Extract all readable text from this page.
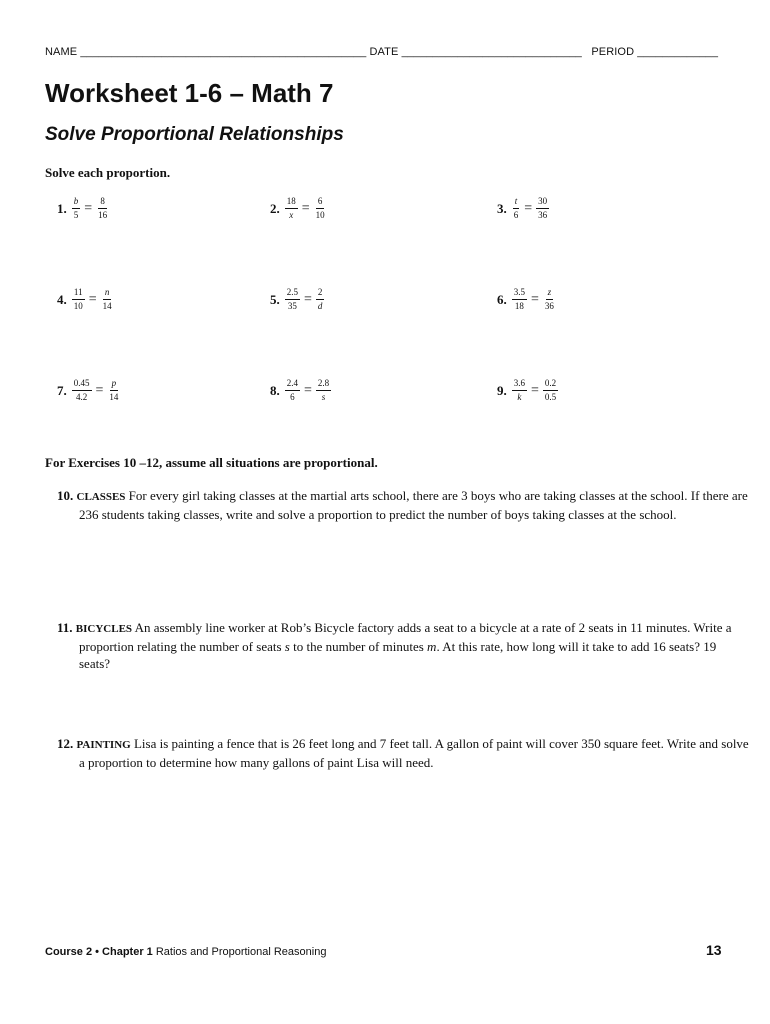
NAME ______________________________________________ DATE _____________________________   PERIOD _____________
Worksheet 1-6 – Math 7
Solve Proportional Relationships
Solve each proportion.
1. $\frac{b}{5} = \frac{8}{16}$	2. $\frac{18}{x} = \frac{6}{10}$	3. $\frac{t}{6} = \frac{30}{36}$
4. $\frac{11}{10} = \frac{n}{14}$	5. $\frac{2.5}{35} = \frac{2}{d}$	6. $\frac{3.5}{18} = \frac{z}{36}$
7. $\frac{0.45}{4.2} = \frac{p}{14}$	8. $\frac{2.4}{6} = \frac{2.8}{s}$	9. $\frac{3.6}{k} = \frac{0.2}{0.5}$
For Exercises 10 –12, assume all situations are proportional.
10. CLASSES For every girl taking classes at the martial arts school, there are 3 boys who are taking classes at the school. If there are 236 students taking classes, write and solve a proportion to predict the number of boys taking classes at the school.
11. BICYCLES An assembly line worker at Rob’s Bicycle factory adds a seat to a bicycle at a rate of 2 seats in 11 minutes. Write a proportion relating the number of seats s to the number of minutes m. At this rate, how long will it take to add 16 seats? 19 seats?
12. PAINTING Lisa is painting a fence that is 26 feet long and 7 feet tall. A gallon of paint will cover 350 square feet. Write and solve a proportion to determine how many gallons of paint Lisa will need.
Course 2 • Chapter 1 Ratios and Proportional Reasoning	13
